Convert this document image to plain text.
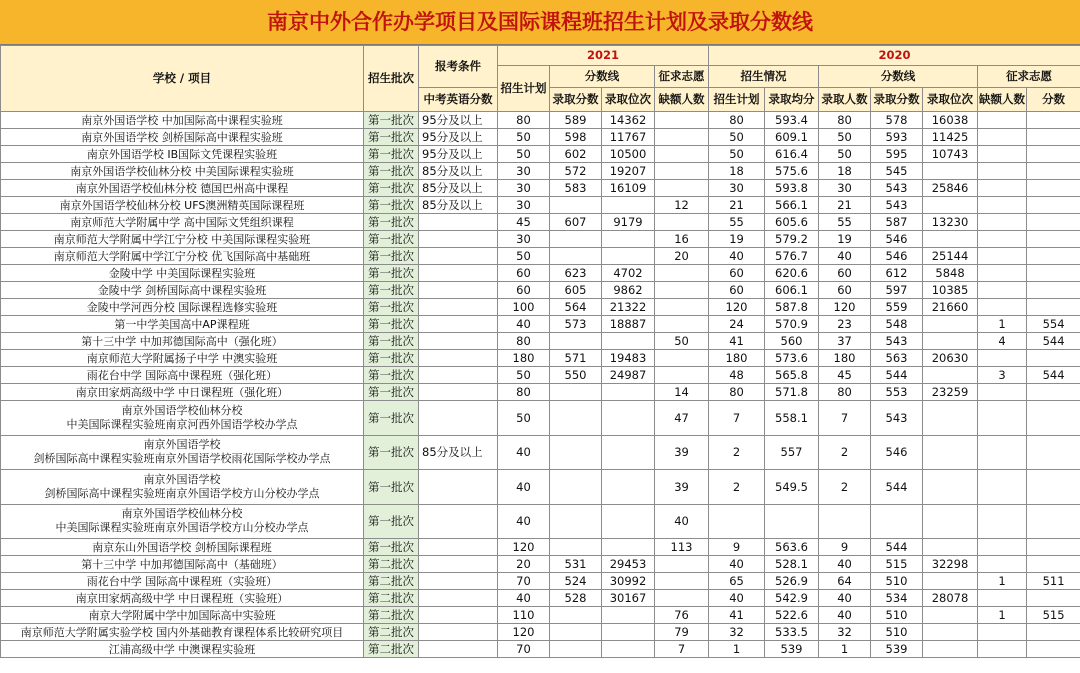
南京中外合作办学项目及国际课程班招生计划及录取分数线
学校 / 项目	招生批次	报考条件	2021				2020						
			招生计划	分数线		征求志愿	招生情况		分数线			征求志愿	
		中考英语分数		录取分数	录取位次	缺额人数	招生计划	录取均分	录取人数	录取分数	录取位次	缺额人数	分数

南京外国语学校 中加国际高中课程实验班	第一批次	95分及以上	80	589	14362		80	593.4	80	578	16038		

南京外国语学校 剑桥国际高中课程实验班	第一批次	95分及以上	50	598	11767		50	609.1	50	593	11425		

南京外国语学校 IB国际文凭课程实验班	第一批次	95分及以上	50	602	10500		50	616.4	50	595	10743		

南京外国语学校仙林分校 中美国际课程实验班	第一批次	85分及以上	30	572	19207		18	575.6	18	545			

南京外国语学校仙林分校 德国巴州高中课程	第一批次	85分及以上	30	583	16109		30	593.8	30	543	25846		

南京外国语学校仙林分校 UFS澳洲精英国际课程班	第一批次	85分及以上	30			12	21	566.1	21	543			

南京师范大学附属中学 高中国际文凭组织课程	第一批次		45	607	9179		55	605.6	55	587	13230		

南京师范大学附属中学江宁分校 中美国际课程实验班	第一批次		30			16	19	579.2	19	546			

南京师范大学附属中学江宁分校 优飞国际高中基础班	第一批次		50			20	40	576.7	40	546	25144		

金陵中学 中美国际课程实验班	第一批次		60	623	4702		60	620.6	60	612	5848		

金陵中学 剑桥国际高中课程实验班	第一批次		60	605	9862		60	606.1	60	597	10385		

金陵中学河西分校 国际课程选修实验班	第一批次		100	564	21322		120	587.8	120	559	21660		

第一中学美国高中AP课程班	第一批次		40	573	18887		24	570.9	23	548		1	554

第十三中学 中加邦德国际高中（强化班）	第一批次		80			50	41	560	37	543		4	544

南京师范大学附属扬子中学 中澳实验班	第一批次		180	571	19483		180	573.6	180	563	20630		

雨花台中学 国际高中课程班（强化班）	第一批次		50	550	24987		48	565.8	45	544		3	544

南京田家炳高级中学 中日课程班（强化班）	第一批次		80			14	80	571.8	80	553	23259		

南京外国语学校仙林分校
中美国际课程实验班南京河西外国语学校办学点	第一批次		50			47	7	558.1	7	543			

南京外国语学校
剑桥国际高中课程实验班南京外国语学校雨花国际学校办学点	第一批次	85分及以上	40			39	2	557	2	546			

南京外国语学校
剑桥国际高中课程实验班南京外国语学校方山分校办学点	第一批次		40			39	2	549.5	2	544			

南京外国语学校仙林分校
中美国际课程实验班南京外国语学校方山分校办学点	第一批次		40			40							

南京东山外国语学校 剑桥国际课程班	第一批次		120			113	9	563.6	9	544			

第十三中学 中加邦德国际高中（基础班）	第二批次		20	531	29453		40	528.1	40	515	32298		

雨花台中学 国际高中课程班（实验班）	第二批次		70	524	30992		65	526.9	64	510		1	511

南京田家炳高级中学 中日课程班（实验班）	第二批次		40	528	30167		40	542.9	40	534	28078		

南京大学附属中学中加国际高中实验班	第二批次		110			76	41	522.6	40	510		1	515

南京师范大学附属实验学校 国内外基础教育课程体系比较研究项目	第二批次		120			79	32	533.5	32	510			

江浦高级中学 中澳课程实验班	第二批次		70			7	1	539	1	539			
